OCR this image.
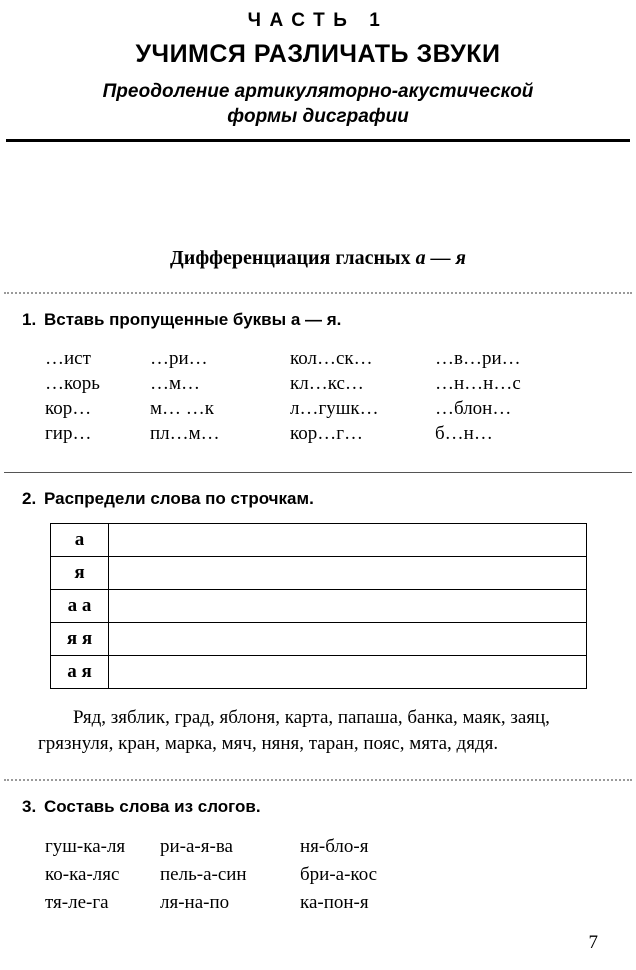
ЧАСТЬ 1
УЧИМСЯ РАЗЛИЧАТЬ ЗВУКИ
Преодоление артикуляторно-акустической
формы дисграфии
Дифференциация гласных а — я
1. Вставь пропущенные буквы а — я.
…ист	…ри…	кол…ск…	…в…ри…
…корь	…м…	кл…кс…	…н…н…с
кор…	м… …к	л…гушк…	…блон…
гир…	пл…м…	кор…г…	б…н…
2. Распредели слова по строчкам.
а	
я	
а а	
я я	
а я	
Ряд, зяблик, град, яблоня, карта, папаша, банка, маяк, заяц,
грязнуля, кран, марка, мяч, няня, таран, пояс, мята, дядя.
3. Составь слова из слогов.
гуш-ка-ля	ри-а-я-ва	ня-бло-я
ко-ка-ляс	пель-а-син	бри-а-кос
тя-ле-га	ля-на-по	ка-пон-я
7
